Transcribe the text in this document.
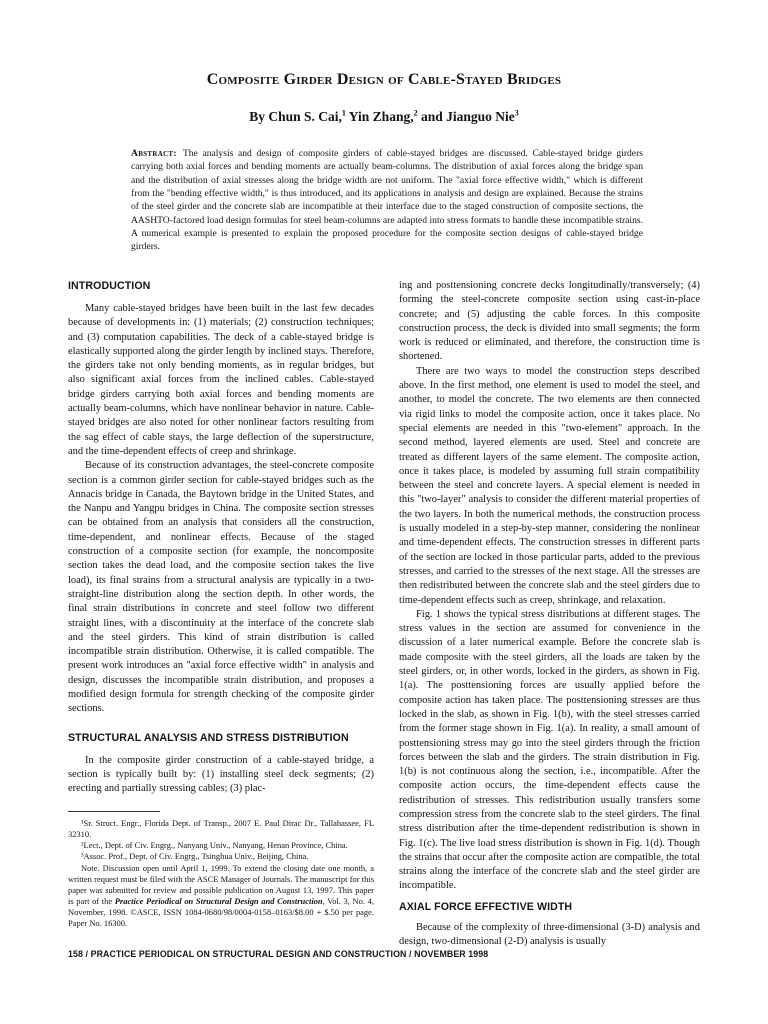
Composite Girder Design of Cable-Stayed Bridges

By Chun S. Cai,$^1$ Yin Zhang,$^2$ and Jianguo Nie$^3$

Abstract: The analysis and design of composite girders of cable-stayed bridges are discussed. Cable-stayed bridge girders carrying both axial forces and bending moments are actually beam-columns. The distribution of axial forces along the bridge span and the distribution of axial stresses along the bridge width are not uniform. The "axial force effective width," which is different from the "bending effective width," is thus introduced, and its applications in analysis and design are explained. Because the strains of the steel girder and the concrete slab are incompatible at their interface due to the staged construction of composite sections, the AASHTO-factored load design formulas for steel beam-columns are adapted into stress formats to handle these incompatible strains. A numerical example is presented to explain the proposed procedure for the composite section designs of cable-stayed bridge girders.

INTRODUCTION

Many cable-stayed bridges have been built in the last few decades because of developments in: (1) materials; (2) construction techniques; and (3) computation capabilities. The deck of a cable-stayed bridge is elastically supported along the girder length by inclined stays. Therefore, the girders take not only bending moments, as in regular bridges, but also significant axial forces from the inclined cables. Cable-stayed bridge girders carrying both axial forces and bending moments are actually beam-columns, which have nonlinear behavior in nature. Cable-stayed bridges are also noted for other nonlinear factors resulting from the sag effect of cable stays, the large deflection of the superstructure, and the time-dependent effects of creep and shrinkage.

Because of its construction advantages, the steel-concrete composite section is a common girder section for cable-stayed bridges such as the Annacis bridge in Canada, the Baytown bridge in the United States, and the Nanpu and Yangpu bridges in China. The composite section stresses can be obtained from an analysis that considers all the construction, time-dependent, and nonlinear effects. Because of the staged construction of a composite section (for example, the noncomposite section takes the dead load, and the composite section takes the live load), its final strains from a structural analysis are typically in a two-straight-line distribution along the section depth. In other words, the final strain distributions in concrete and steel follow two different straight lines, with a discontinuity at the interface of the concrete slab and the steel girders. This kind of strain distribution is called incompatible strain distribution. Otherwise, it is called compatible. The present work introduces an "axial force effective width" in analysis and design, discusses the incompatible strain distribution, and proposes a modified design formula for strength checking of the composite girder sections.

STRUCTURAL ANALYSIS AND STRESS DISTRIBUTION

In the composite girder construction of a cable-stayed bridge, a section is typically built by: (1) installing steel deck segments; (2) erecting and partially stressing cables; (3) plac-

¹Sr. Struct. Engr., Florida Dept. of Transp., 2007 E. Paul Dirac Dr., Tallahassee, FL 32310.

²Lect., Dept. of Civ. Engrg., Nanyang Univ., Nanyang, Henan Province, China.

³Assoc. Prof., Dept. of Civ. Engrg., Tsinghua Univ., Beijing, China.

Note. Discussion open until April 1, 1999. To extend the closing date one month, a written request must be filed with the ASCE Manager of Journals. The manuscript for this paper was submitted for review and possible publication on August 13, 1997. This paper is part of the Practice Periodical on Structural Design and Construction, Vol. 3, No. 4, November, 1998. ©ASCE, ISSN 1084-0680/98/0004-0158–0163/$8.00 + $.50 per page. Paper No. 16300.

ing and posttensioning concrete decks longitudinally/transversely; (4) forming the steel-concrete composite section using cast-in-place concrete; and (5) adjusting the cable forces. In this composite construction process, the deck is divided into small segments; the form work is reduced or eliminated, and therefore, the construction time is shortened.

There are two ways to model the construction steps described above. In the first method, one element is used to model the steel, and another, to model the concrete. The two elements are then connected via rigid links to model the composite action, once it takes place. No special elements are needed in this "two-element" approach. In the second method, layered elements are used. Steel and concrete are treated as different layers of the same element. The composite action, once it takes place, is modeled by assuming full strain compatibility between the steel and concrete layers. A special element is needed in this "two-layer" analysis to consider the different material properties of the two layers. In both the numerical methods, the construction process is usually modeled in a step-by-step manner, considering the nonlinear and time-dependent effects. The construction stresses in different parts of the section are locked in those particular parts, added to the previous stresses, and carried to the stresses of the next stage. All the stresses are then redistributed between the concrete slab and the steel girders due to time-dependent effects such as creep, shrinkage, and relaxation.

Fig. 1 shows the typical stress distributions at different stages. The stress values in the section are assumed for convenience in the discussion of a later numerical example. Before the concrete slab is made composite with the steel girders, all the loads are taken by the steel girders, or, in other words, locked in the girders, as shown in Fig. 1(a). The posttensioning forces are usually applied before the composite action has taken place. The posttensioning stresses are thus locked in the slab, as shown in Fig. 1(b), with the steel stresses carried from the former stage shown in Fig. 1(a). In reality, a small amount of posttensioning stress may go into the steel girders through the friction forces between the slab and the girders. The strain distribution in Fig. 1(b) is not continuous along the section, i.e., incompatible. After the composite action occurs, the time-dependent effects cause the redistribution of stresses. This redistribution usually transfers some compression stress from the concrete slab to the steel girders. The final stress distribution after the time-dependent redistribution is shown in Fig. 1(c). The live load stress distribution is shown in Fig. 1(d). Though the strains that occur after the composite action are compatible, the total strains along the interface of the concrete slab and the steel girder are incompatible.

AXIAL FORCE EFFECTIVE WIDTH

Because of the complexity of three-dimensional (3-D) analysis and design, two-dimensional (2-D) analysis is usually

158 / PRACTICE PERIODICAL ON STRUCTURAL DESIGN AND CONSTRUCTION / NOVEMBER 1998
